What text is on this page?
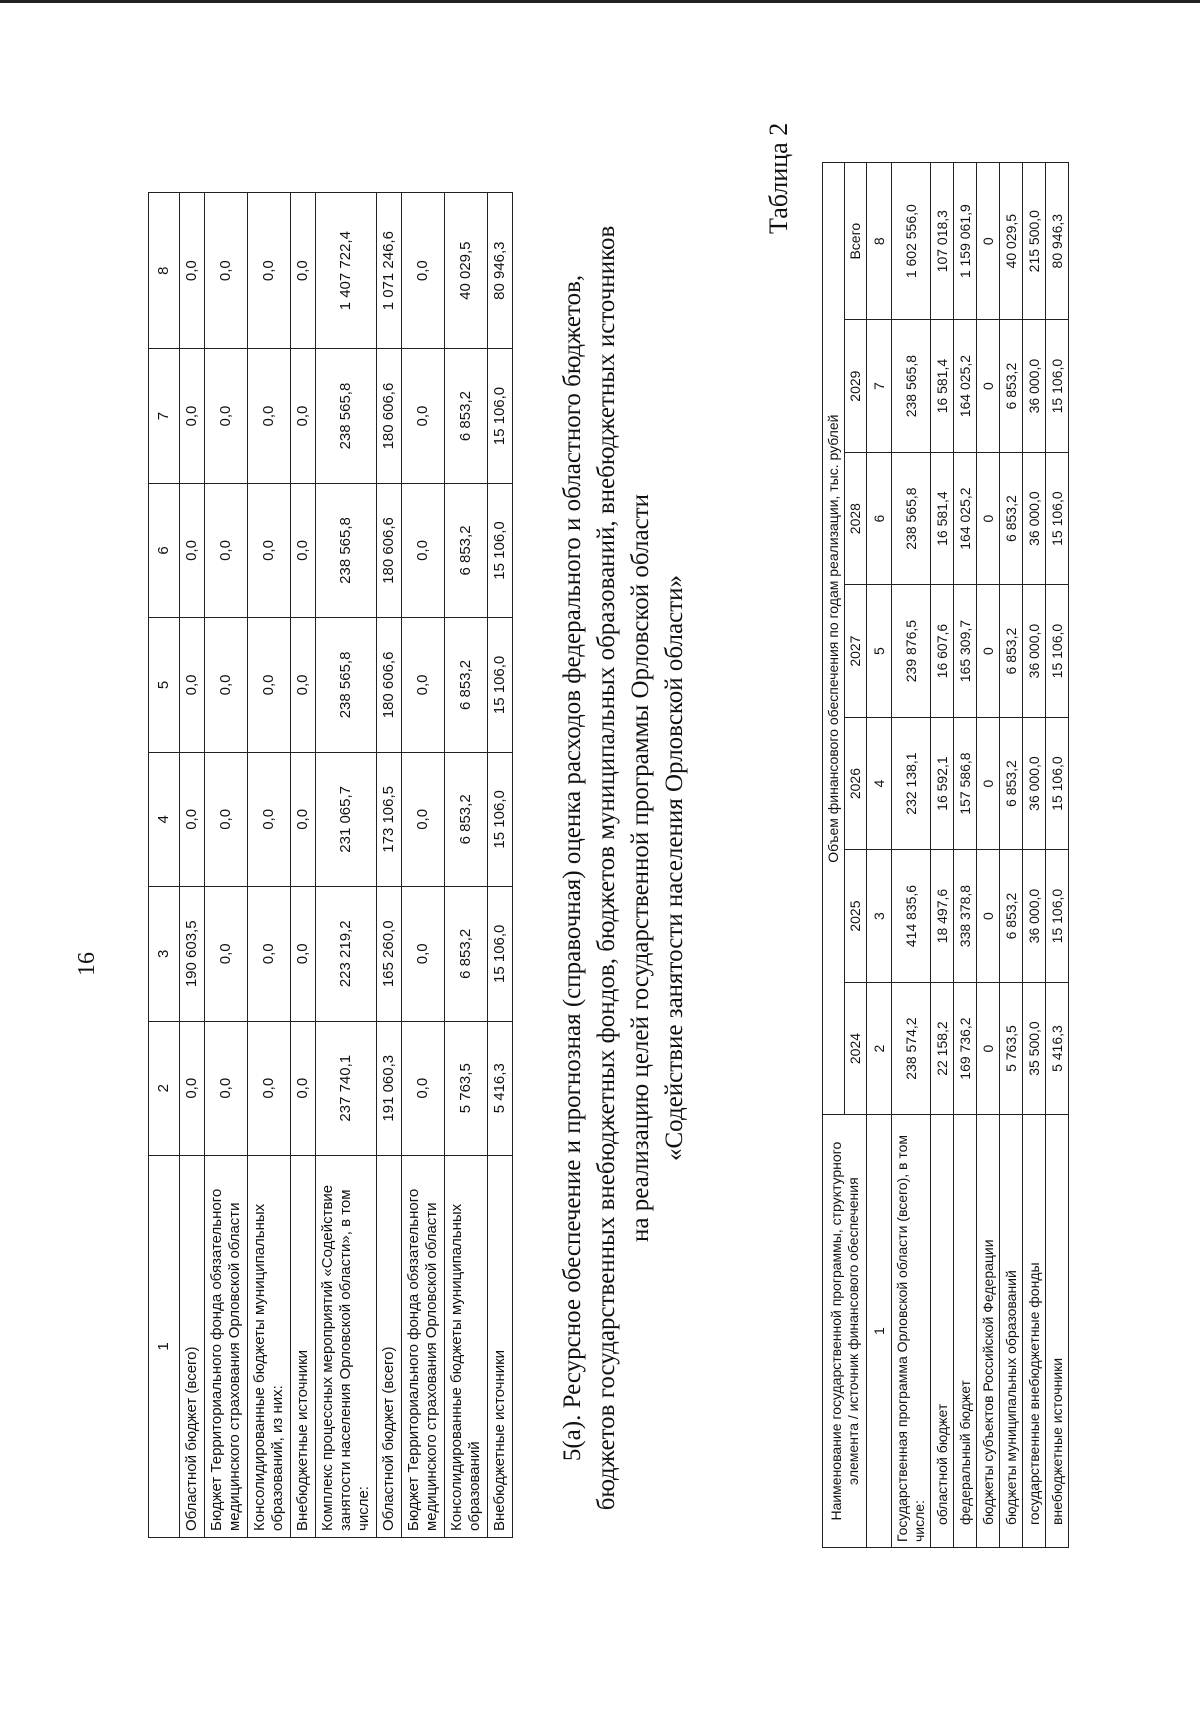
16
1	2	3	4	5	6	7	8
Областной бюджет (всего)	0,0	190 603,5	0,0	0,0	0,0	0,0	0,0
Бюджет Территориального фонда обязательного медицинского страхования Орловской области	0,0	0,0	0,0	0,0	0,0	0,0	0,0
Консолидированные бюджеты муниципальных образований, из них:	0,0	0,0	0,0	0,0	0,0	0,0	0,0
Внебюджетные источники	0,0	0,0	0,0	0,0	0,0	0,0	0,0
Комплекс процессных мероприятий «Содействие занятости населения Орловской области», в том числе:	237 740,1	223 219,2	231 065,7	238 565,8	238 565,8	238 565,8	1 407 722,4
Областной бюджет (всего)	191 060,3	165 260,0	173 106,5	180 606,6	180 606,6	180 606,6	1 071 246,6
Бюджет Территориального фонда обязательного медицинского страхования Орловской области	0,0	0,0	0,0	0,0	0,0	0,0	0,0
Консолидированные бюджеты муниципальных образований	5 763,5	6 853,2	6 853,2	6 853,2	6 853,2	6 853,2	40 029,5
Внебюджетные источники	5 416,3	15 106,0	15 106,0	15 106,0	15 106,0	15 106,0	80 946,3
5(а). Ресурсное обеспечение и прогнозная (справочная) оценка расходов федерального и областного бюджетов, бюджетов государственных внебюджетных фондов, бюджетов муниципальных образований, внебюджетных источников на реализацию целей государственной программы Орловской области «Содействие занятости населения Орловской области»
Таблица 2
Наименование государственной программы, структурного элемента / источник финансового обеспечения	Объем финансового обеспечения по годам реализации, тыс. рублей						
	2024	2025	2026	2027	2028	2029	Всего
1	2	3	4	5	6	7	8
Государственная программа Орловской области (всего), в том числе:	238 574,2	414 835,6	232 138,1	239 876,5	238 565,8	238 565,8	1 602 556,0
областной бюджет	22 158,2	18 497,6	16 592,1	16 607,6	16 581,4	16 581,4	107 018,3
федеральный бюджет	169 736,2	338 378,8	157 586,8	165 309,7	164 025,2	164 025,2	1 159 061,9
бюджеты субъектов Российской Федерации	0	0	0	0	0	0	0
бюджеты муниципальных образований	5 763,5	6 853,2	6 853,2	6 853,2	6 853,2	6 853,2	40 029,5
государственные внебюджетные фонды	35 500,0	36 000,0	36 000,0	36 000,0	36 000,0	36 000,0	215 500,0
внебюджетные источники	5 416,3	15 106,0	15 106,0	15 106,0	15 106,0	15 106,0	80 946,3
